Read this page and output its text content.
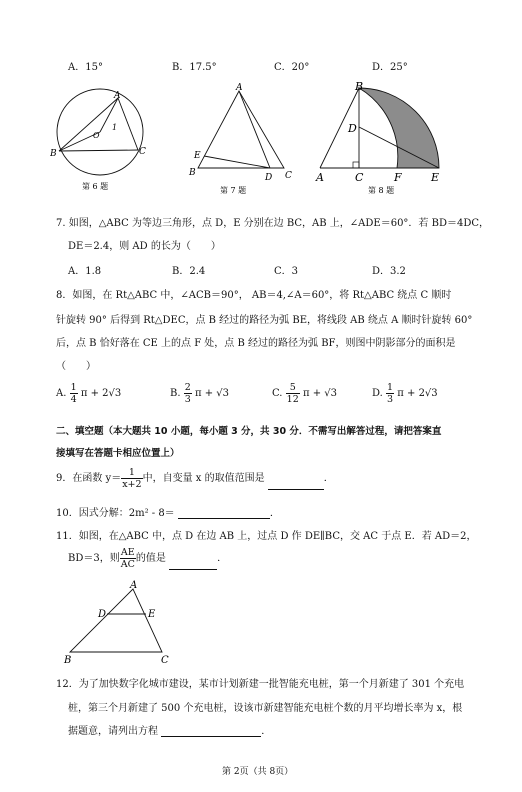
A．15°	B．17.5°	C．20°	D．25°
A
B	C
O
1
第 6 题
A
B	C
D
E
第 7 题
B
D
A	C	F	E
第 8 题
7. 如图，△ABC 为等边三角形，点 D，E 分别在边 BC，AB 上，∠ADE＝60°．若 BD＝4DC，
DE＝2.4，则 AD 的长为（　　）
A．1.8	B．2.4	C．3	D．3.2
8．如图，在 Rt△ABC 中，∠ACB＝90°， AB＝4,∠A＝60°，将 Rt△ABC 绕点 C 顺时
针旋转 90° 后得到 Rt△DEC，点 B 经过的路径为弧 BE，将线段 AB 绕点 A 顺时针旋转 60°
后，点 B 恰好落在 CE 上的点 F 处，点 B 经过的路径为弧 BF，则图中阴影部分的面积是
（　　）
A. $\frac{1}{4}$ π + 2√3	B. $\frac{2}{3}$ π + √3	C. $\frac{5}{12}$ π + √3	D. $\frac{1}{3}$ π + 2√3
二、填空题（本大题共 10 小题，每小题 3 分，共 30 分．不需写出解答过程，请把答案直
接填写在答题卡相应位置上）
9．在函数 $y= \frac{1}{x+2}$ 中，自变量 x 的取值范围是	．
10．因式分解：2m² - 8＝	．
11．如图，在△ABC 中，点 D 在边 AB 上，过点 D 作 DE∥BC，交 AC 于点 E．若 AD＝2，
BD＝3，则 $\frac{AE}{AC}$ 的值是	．
A
D	E
B	C
12．为了加快数字化城市建设，某市计划新建一批智能充电桩，第一个月新建了 301 个充电
桩，第三个月新建了 500 个充电桩，设该市新建智能充电桩个数的月平均增长率为 x，根
据题意，请列出方程	．
第 2页（共 8页）
